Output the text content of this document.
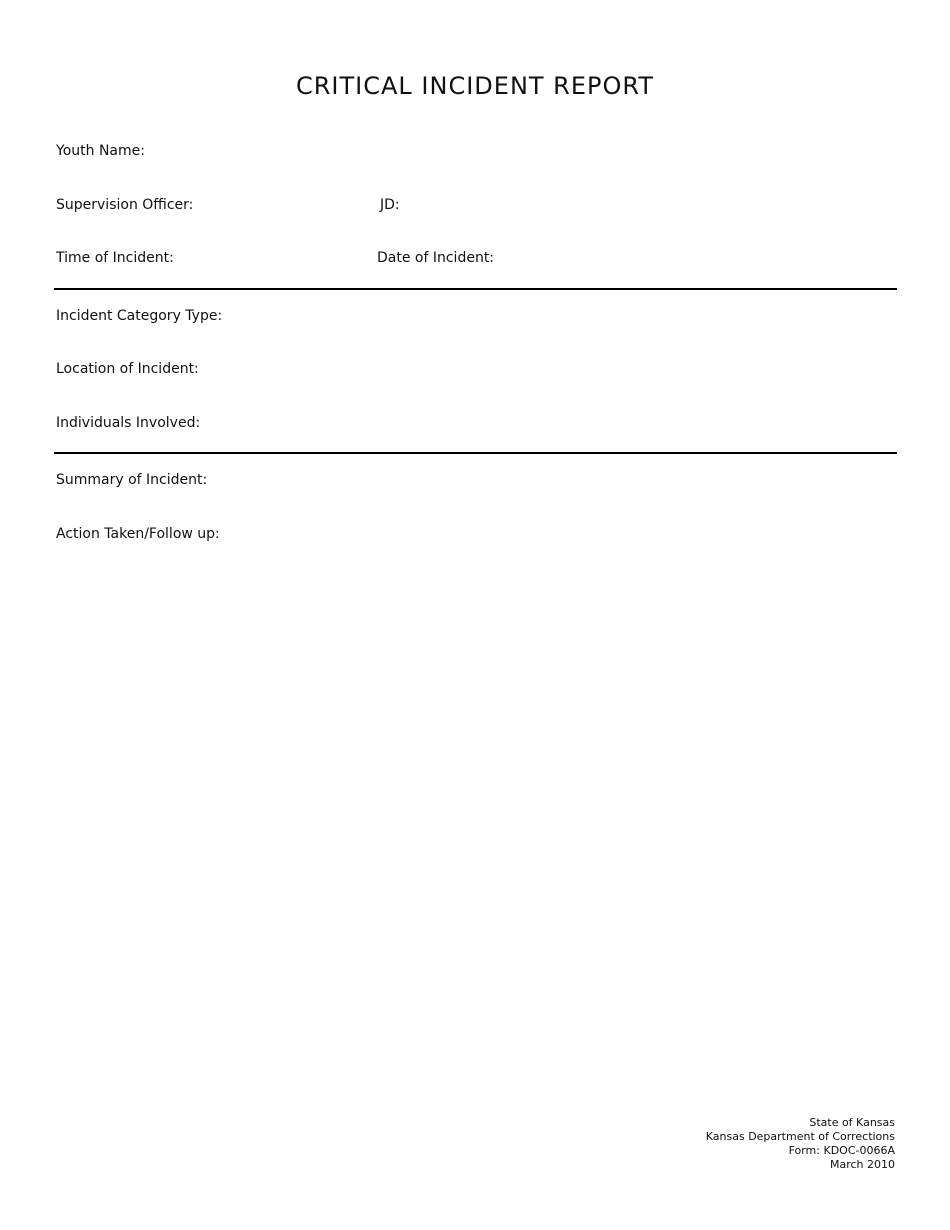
CRITICAL INCIDENT REPORT
Youth Name:
Supervision Officer:	JD:
Time of Incident:	Date of Incident:
Incident Category Type:
Location of Incident:
Individuals Involved:
Summary of Incident:
Action Taken/Follow up:
State of Kansas
Kansas Department of Corrections
Form: KDOC-0066A
March 2010
